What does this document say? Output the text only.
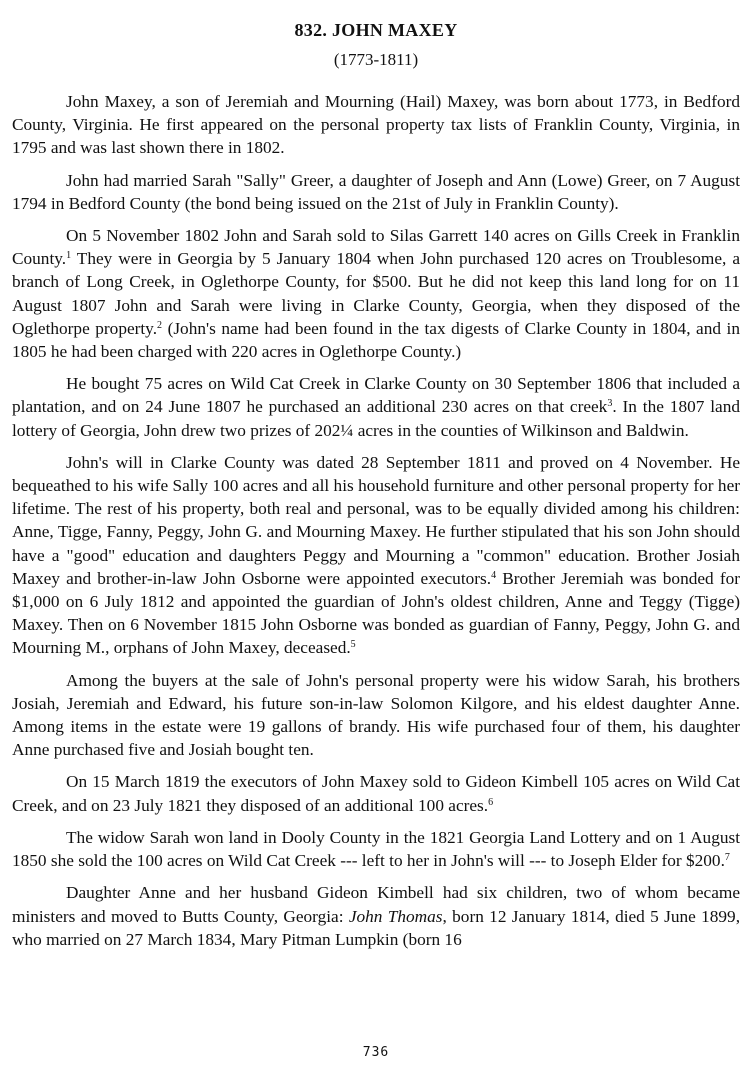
832. JOHN MAXEY
(1773-1811)

John Maxey, a son of Jeremiah and Mourning (Hail) Maxey, was born about 1773, in Bedford County, Virginia. He first appeared on the personal property tax lists of Franklin County, Virginia, in 1795 and was last shown there in 1802.

John had married Sarah "Sally" Greer, a daughter of Joseph and Ann (Lowe) Greer, on 7 August 1794 in Bedford County (the bond being issued on the 21st of July in Franklin County).

On 5 November 1802 John and Sarah sold to Silas Garrett 140 acres on Gills Creek in Franklin County.$^1$ They were in Georgia by 5 January 1804 when John purchased 120 acres on Troublesome, a branch of Long Creek, in Oglethorpe County, for $500. But he did not keep this land long for on 11 August 1807 John and Sarah were living in Clarke County, Georgia, when they disposed of the Oglethorpe property.$^2$ (John's name had been found in the tax digests of Clarke County in 1804, and in 1805 he had been charged with 220 acres in Oglethorpe County.)

He bought 75 acres on Wild Cat Creek in Clarke County on 30 September 1806 that included a plantation, and on 24 June 1807 he purchased an additional 230 acres on that creek$^3$. In the 1807 land lottery of Georgia, John drew two prizes of 202¼ acres in the counties of Wilkinson and Baldwin.

John's will in Clarke County was dated 28 September 1811 and proved on 4 November. He bequeathed to his wife Sally 100 acres and all his household furniture and other personal property for her lifetime. The rest of his property, both real and personal, was to be equally divided among his children: Anne, Tigge, Fanny, Peggy, John G. and Mourning Maxey. He further stipulated that his son John should have a "good" education and daughters Peggy and Mourning a "common" education. Brother Josiah Maxey and brother-in-law John Osborne were appointed executors.$^4$ Brother Jeremiah was bonded for $1,000 on 6 July 1812 and appointed the guardian of John's oldest children, Anne and Teggy (Tigge) Maxey. Then on 6 November 1815 John Osborne was bonded as guardian of Fanny, Peggy, John G. and Mourning M., orphans of John Maxey, deceased.$^5$

Among the buyers at the sale of John's personal property were his widow Sarah, his brothers Josiah, Jeremiah and Edward, his future son-in-law Solomon Kilgore, and his eldest daughter Anne. Among items in the estate were 19 gallons of brandy. His wife purchased four of them, his daughter Anne purchased five and Josiah bought ten.

On 15 March 1819 the executors of John Maxey sold to Gideon Kimbell 105 acres on Wild Cat Creek, and on 23 July 1821 they disposed of an additional 100 acres.$^6$

The widow Sarah won land in Dooly County in the 1821 Georgia Land Lottery and on 1 August 1850 she sold the 100 acres on Wild Cat Creek --- left to her in John's will --- to Joseph Elder for $200.$^7$

Daughter Anne and her husband Gideon Kimbell had six children, two of whom became ministers and moved to Butts County, Georgia: John Thomas, born 12 January 1814, died 5 June 1899, who married on 27 March 1834, Mary Pitman Lumpkin (born 16

736
